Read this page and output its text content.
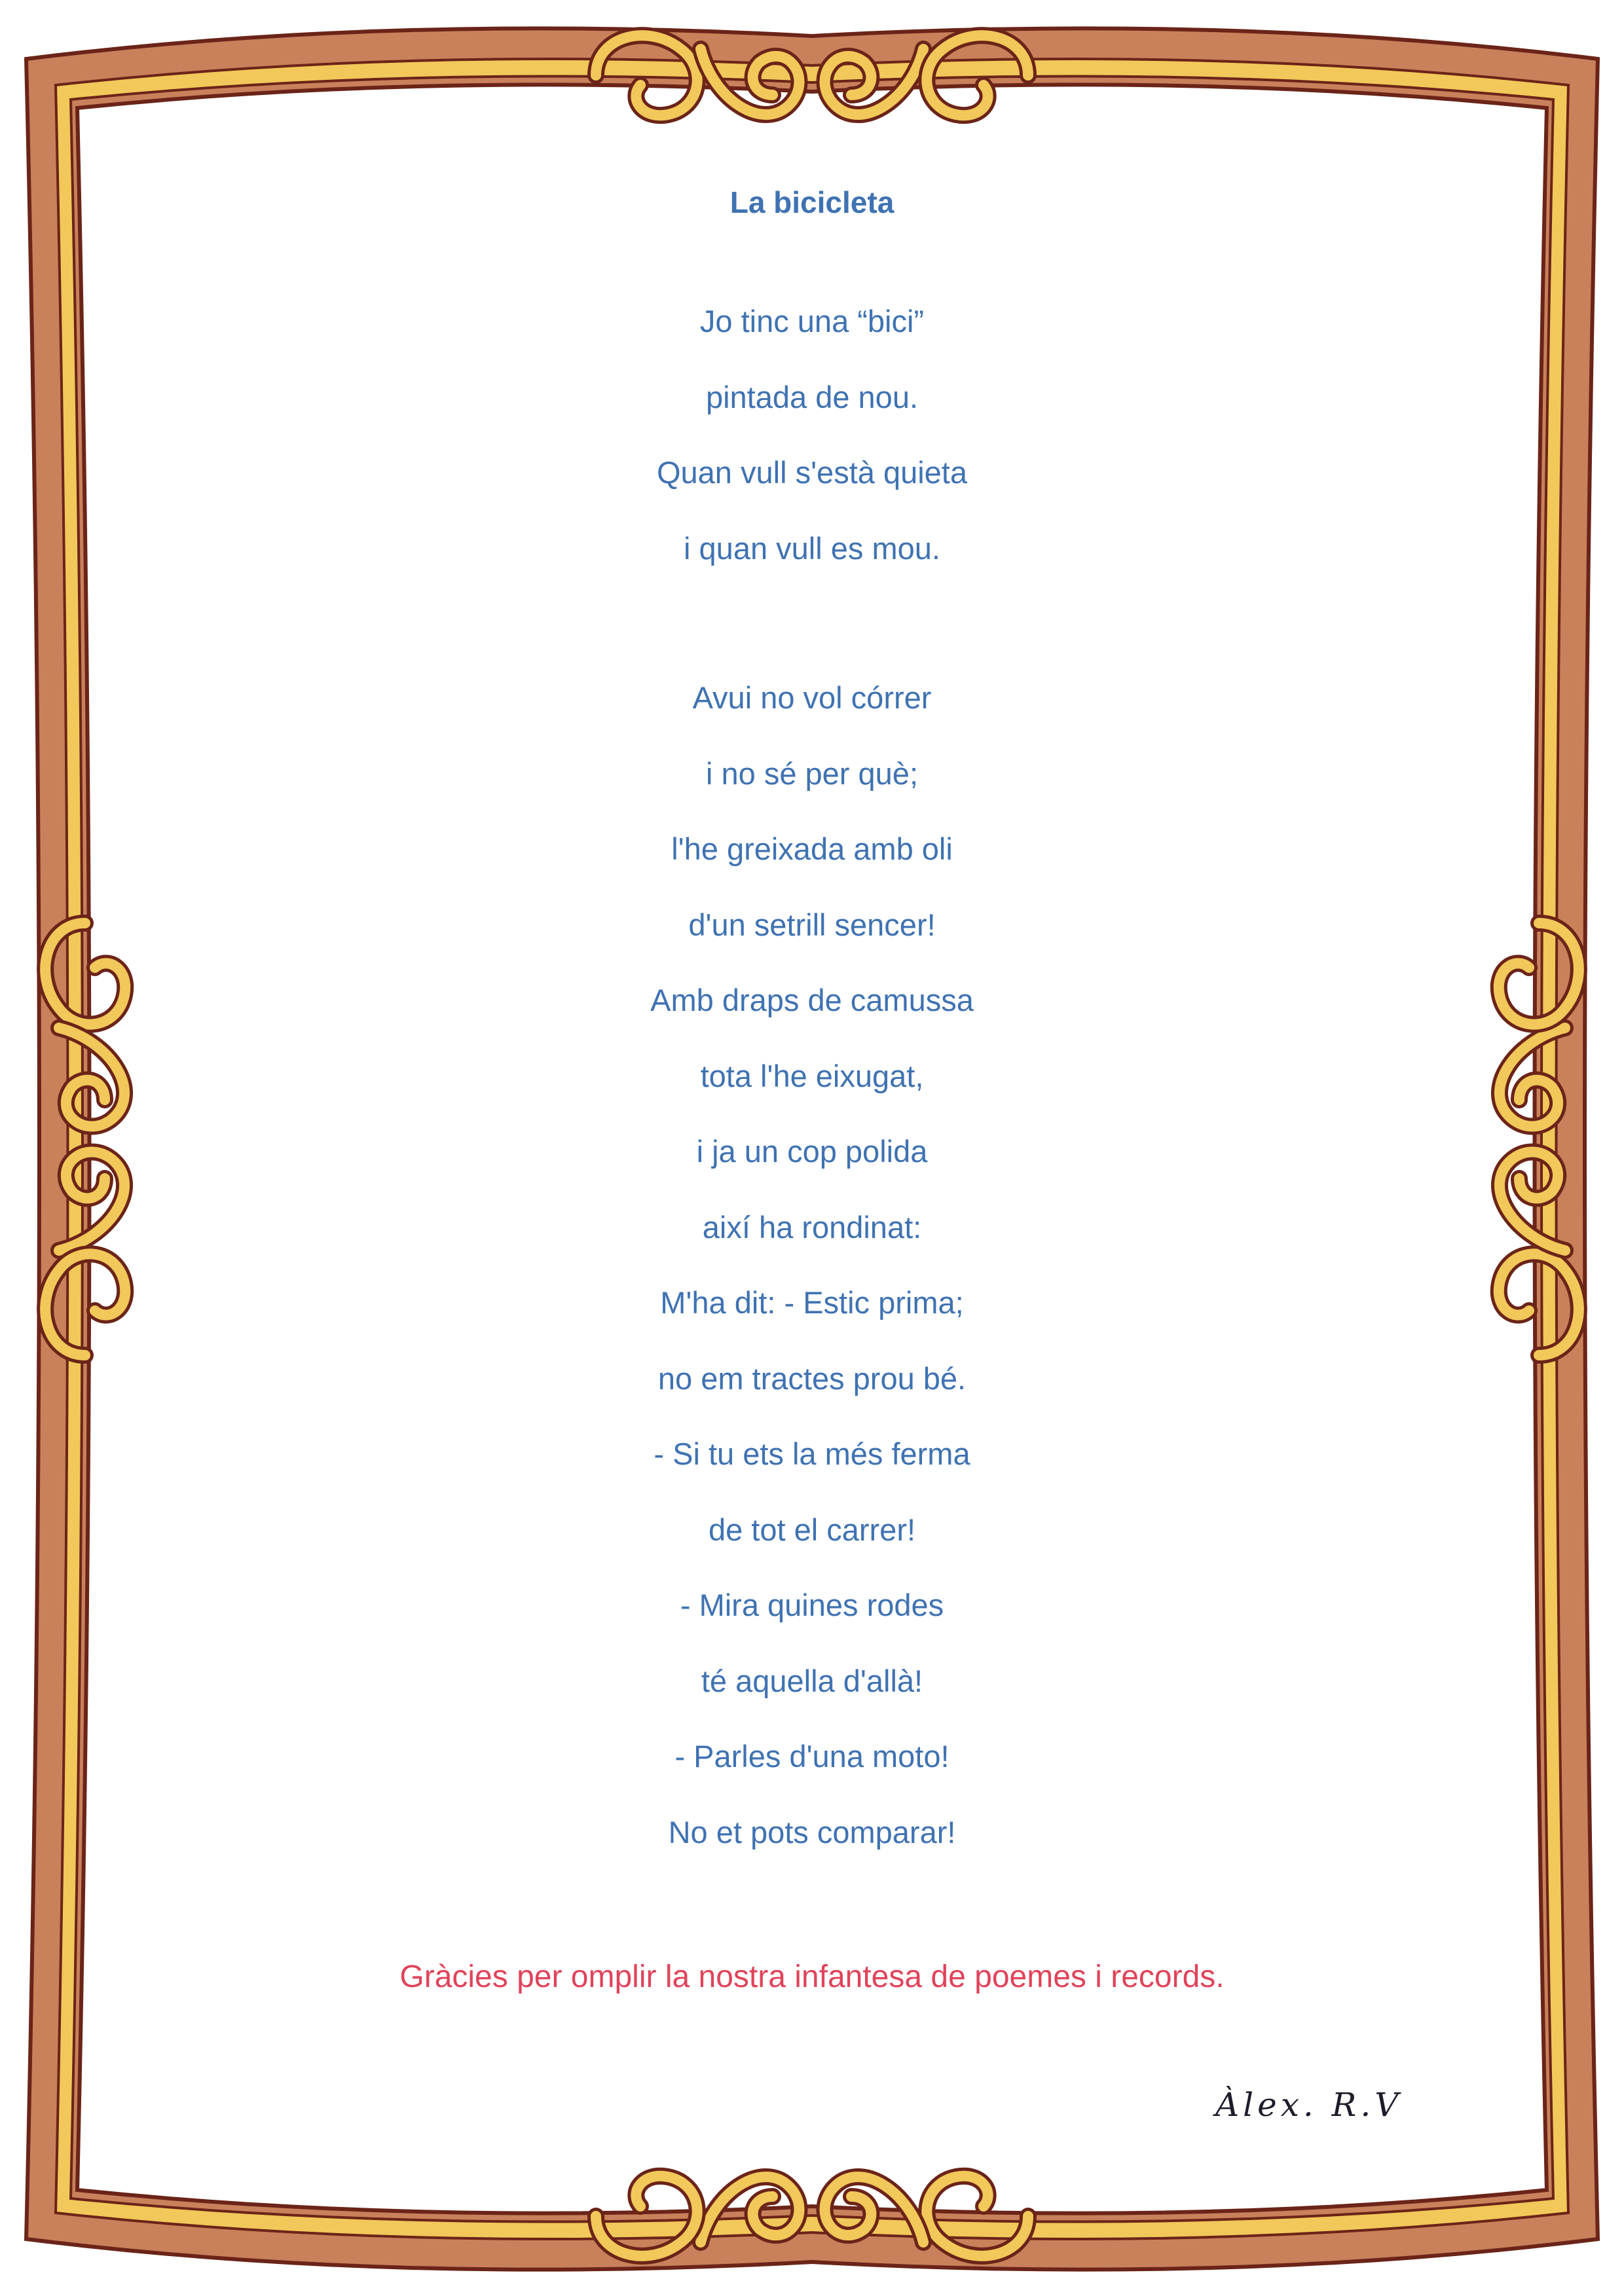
La bicicleta
Jo tinc una “bici”
pintada de nou.
Quan vull s'està quieta
i quan vull es mou.
Avui no vol córrer
i no sé per què;
l'he greixada amb oli
d'un setrill sencer!
Amb draps de camussa
tota l'he eixugat,
i ja un cop polida
així ha rondinat:
M'ha dit: - Estic prima;
no em tractes prou bé.
- Si tu ets la més ferma
de tot el carrer!
- Mira quines rodes
té aquella d'allà!
- Parles d'una moto!
No et pots comparar!

Gràcies per omplir la nostra infantesa de poemes i records.

Àlex. R.V
